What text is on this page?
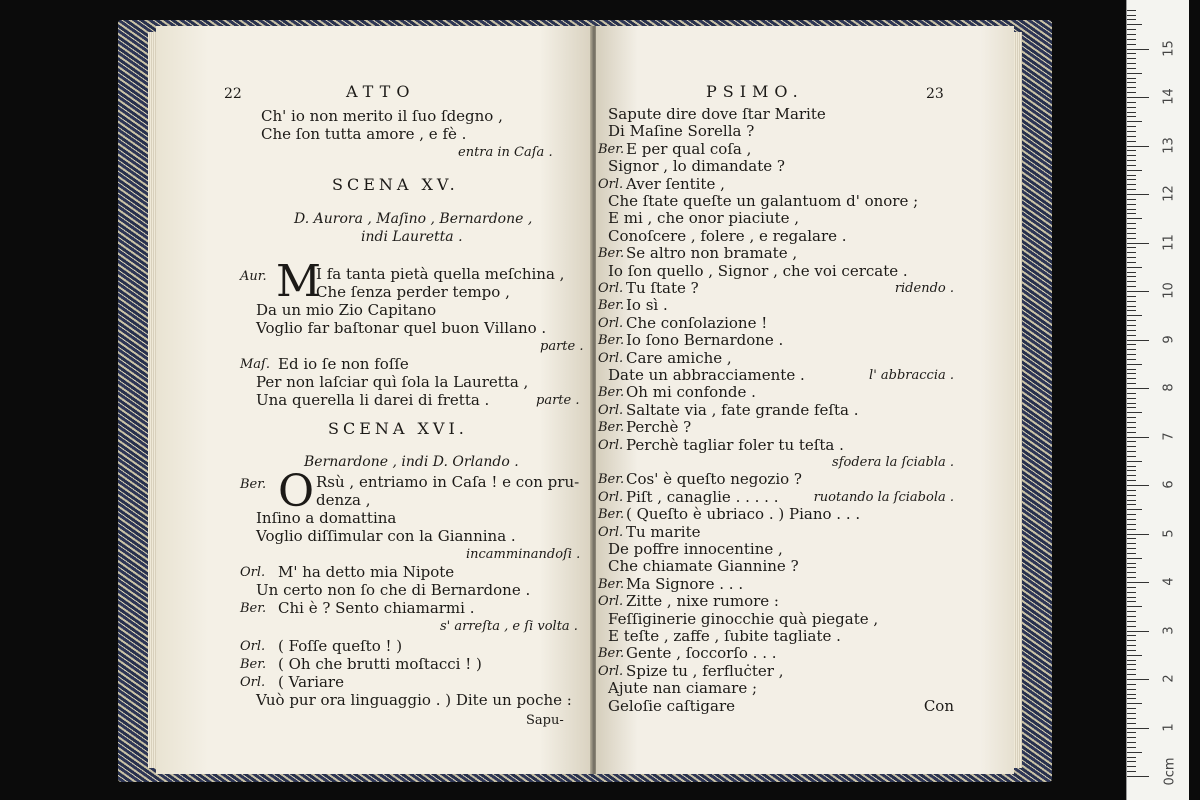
22	ATTO
Ch' io non merito il ſuo ſdegno ,
Che ſon tutta amore , e fè .
entra in Caſa .
SCENA XV.
D. Aurora , Maſino , Bernardone ,
indi Lauretta .
Aur. M
I fa tanta pietà quella meſchina ,
Che ſenza perder tempo ,
Da un mio Zio Capitano
Voglio far baſtonar quel buon Villano .
parte .
Maſ. Ed io ſe non foſſe
Per non laſciar quì ſola la Lauretta ,
Una querella li darei di fretta .	parte .
SCENA XVI.
Bernardone , indi D. Orlando .
Ber. O Rsù , entriamo in Caſa ! e con pru-
denza ,
Inſino a domattina
Voglio diſſimular con la Giannina .
incamminandoſi .
Orl. M' ha detto mia Nipote
Un certo non ſo che di Bernardone .
Ber. Chi è ? Sento chiamarmi .
s' arreſta , e ſi volta .
Orl. ( Foſſe queſto ! )
Ber. ( Oh che brutti moſtacci ! )
Orl. ( Variare
Vuò pur ora linguaggio . ) Dite un poche :
Sapu-
PSIMO.	23
Sapute dire dove ſtar Marite
Di Maſine Sorella ?
Ber. E per qual coſa ,
Signor , lo dimandate ?
Orl. Aver ſentite ,
Che ſtate queſte un galantuom d' onore ;
E mi , che onor piaciute ,
Conoſcere , folere , e regalare .
Ber. Se altro non bramate ,
Io ſon quello , Signor , che voi cercate .
Orl. Tu ſtate ?	ridendo .
Ber. Io sì .
Orl. Che conſolazione !
Ber. Io ſono Bernardone .
Orl. Care amiche ,
Date un abbracciamente .	l' abbraccia .
Ber. Oh mi confonde .
Orl. Saltate via , fate grande feſta .
Ber. Perchè ?
Orl. Perchè tagliar foler tu teſta .
sfodera la ſciabla .
Ber. Cos' è queſto negozio ?
Orl. Piſt , canaglie . . . . .	ruotando la ſciabola .
Ber. ( Queſto è ubriaco . ) Piano . . .
Orl. Tu marite
De poffre innocentine ,
Che chiamate Giannine ?
Ber. Ma Signore . . .
Orl. Zitte , nixe rumore :
Feſſiginerie ginocchie quà piegate ,
E teſte , zaffe , ſubite tagliate .
Ber. Gente , ſoccorſo . . .
Orl. Spize tu , ferfluċter ,
Ajute nan ciamare ;
Geloſie caſtigare	Con
0cm
1
2
3
4
5
6
7
8
9
10
11
12
13
14
15
